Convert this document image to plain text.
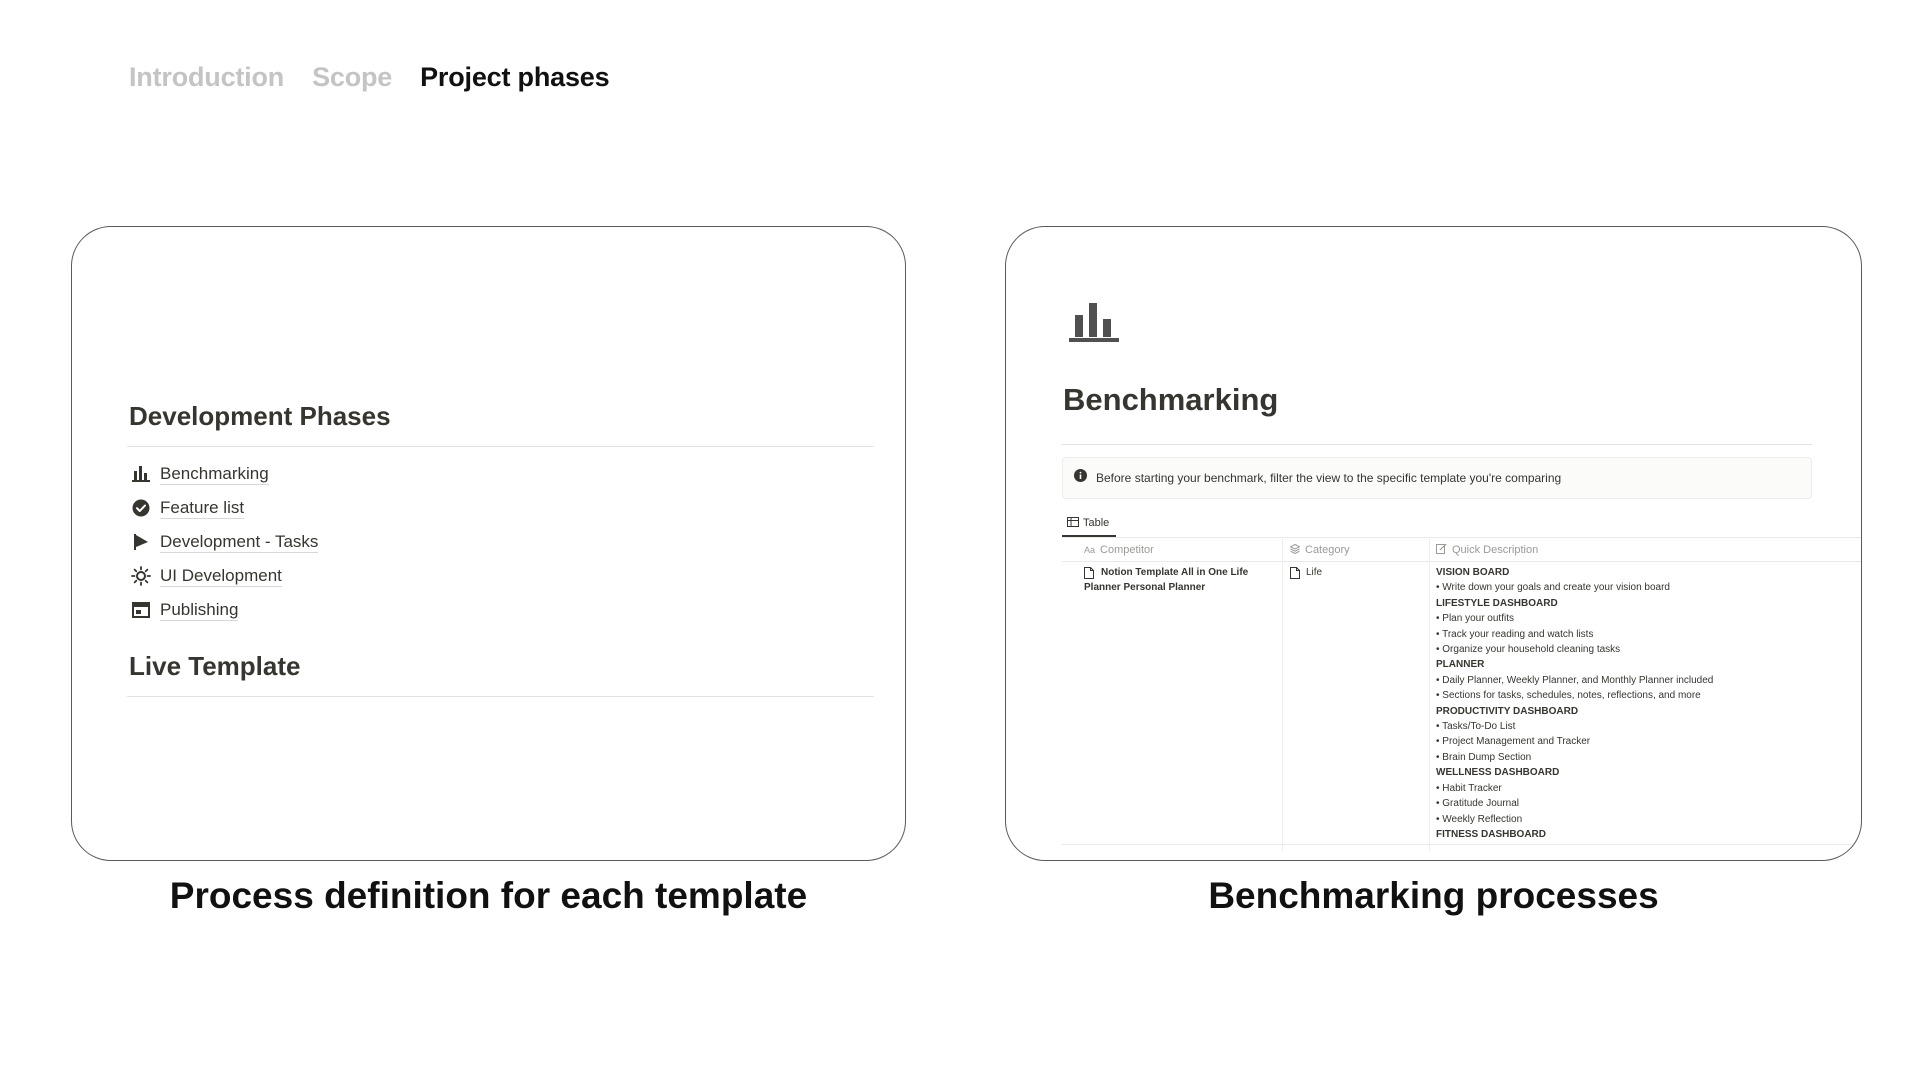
Introduction Scope Project phases
Development Phases
Benchmarking
Feature list
Development - Tasks
UI Development
Publishing
Live Template
Benchmarking
Before starting your benchmark, filter the view to the specific template you're comparing
Table
Aa Competitor	Category	Quick Description
Notion Template All in One Life
Planner Personal Planner
Life	VISION BOARD
• Write down your goals and create your vision board
LIFESTYLE DASHBOARD
• Plan your outfits
• Track your reading and watch lists
• Organize your household cleaning tasks
PLANNER
• Daily Planner, Weekly Planner, and Monthly Planner included
• Sections for tasks, schedules, notes, reflections, and more
PRODUCTIVITY DASHBOARD
• Tasks/To-Do List
• Project Management and Tracker
• Brain Dump Section
WELLNESS DASHBOARD
• Habit Tracker
• Gratitude Journal
• Weekly Reflection
FITNESS DASHBOARD
Process definition for each template	Benchmarking processes
